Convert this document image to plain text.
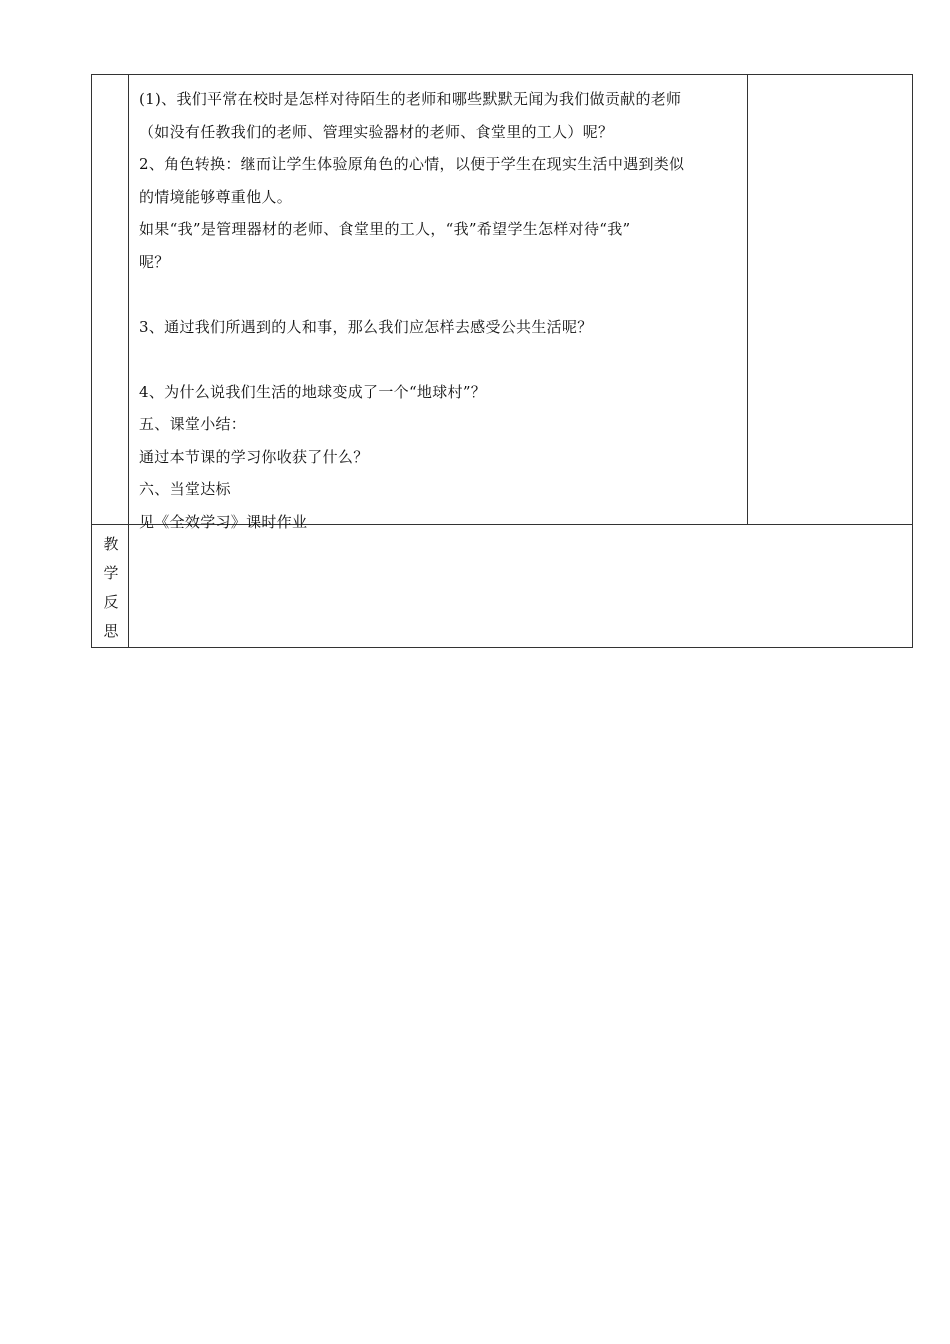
(1)、我们平常在校时是怎样对待陌生的老师和哪些默默无闻为我们做贡献的老师
（如没有任教我们的老师、管理实验器材的老师、食堂里的工人）呢？
2、角色转换：继而让学生体验原角色的心情，以便于学生在现实生活中遇到类似
的情境能够尊重他人。
如果“我”是管理器材的老师、食堂里的工人，“我”希望学生怎样对待“我”
呢？
3、通过我们所遇到的人和事，那么我们应怎样去感受公共生活呢？
4、为什么说我们生活的地球变成了一个“地球村”？
五、课堂小结：
通过本节课的学习你收获了什么？
六、当堂达标
见《全效学习》课时作业
教
学
反
思
